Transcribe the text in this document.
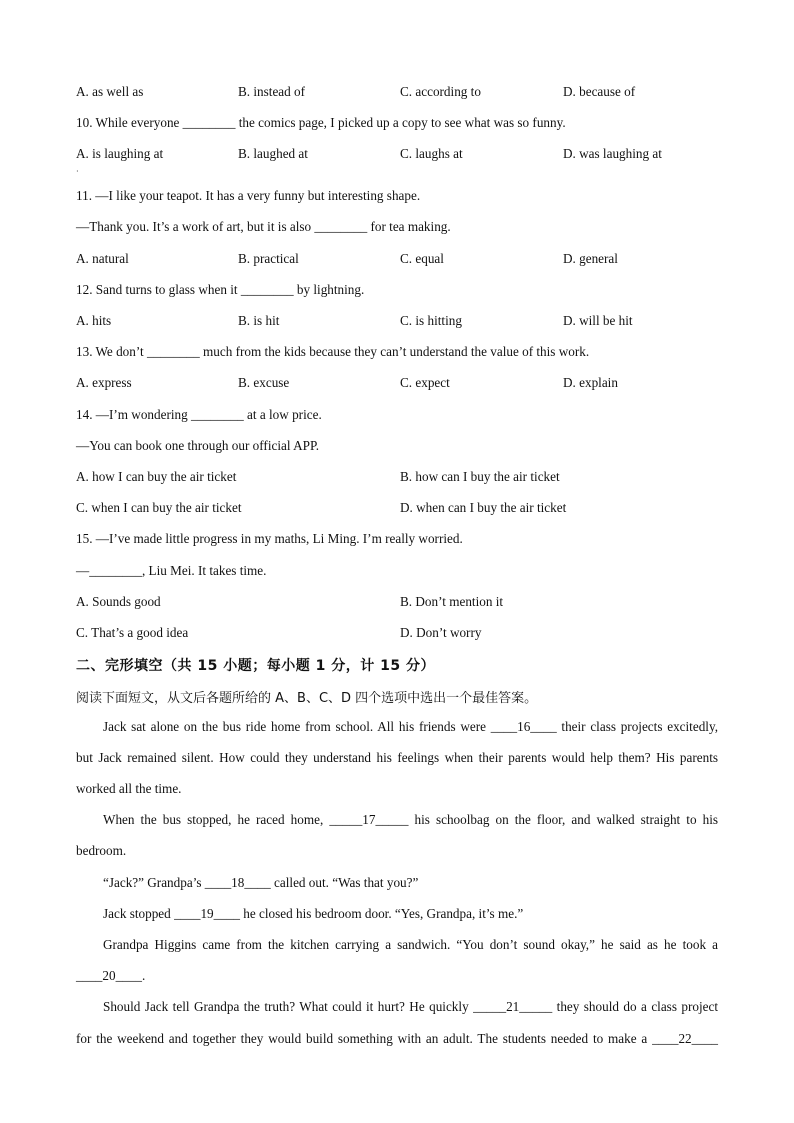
A. as well as	B. instead of	C. according to	D. because of
10. While everyone ________ the comics page, I picked up a copy to see what was so funny.
A. is laughing at	B. laughed at	C. laughs at	D. was laughing at
·
11. —I like your teapot. It has a very funny but interesting shape.
—Thank you. It’s a work of art, but it is also ________ for tea making.
A. natural	B. practical	C. equal	D. general
12. Sand turns to glass when it ________ by lightning.
A. hits	B. is hit	C. is hitting	D. will be hit
13. We don’t ________ much from the kids because they can’t understand the value of this work.
A. express	B. excuse	C. expect	D. explain
14. —I’m wondering ________ at a low price.
—You can book one through our official APP.
A. how I can buy the air ticket	B. how can I buy the air ticket
C. when I can buy the air ticket	D. when can I buy the air ticket
15. —I’ve made little progress in my maths, Li Ming. I’m really worried.
—________, Liu Mei. It takes time.
A. Sounds good	B. Don’t mention it
C. That’s a good idea	D. Don’t worry
二、完形填空（共 15 小题；每小题 1 分，计 15 分）
阅读下面短文，从文后各题所给的 A、B、C、D 四个选项中选出一个最佳答案。
Jack sat alone on the bus ride home from school. All his friends were ____16____ their class projects excitedly,
but Jack remained silent. How could they understand his feelings when their parents would help them? His parents
worked all the time.
When the bus stopped, he raced home, _____17_____ his schoolbag on the floor, and walked straight to his
bedroom.
“Jack?” Grandpa’s ____18____ called out. “Was that you?”
Jack stopped ____19____ he closed his bedroom door. “Yes, Grandpa, it’s me.”
Grandpa Higgins came from the kitchen carrying a sandwich. “You don’t sound okay,” he said as he took a
____20____.
Should Jack tell Grandpa the truth? What could it hurt? He quickly _____21_____ they should do a class project
for the weekend and together they would build something with an adult. The students needed to make a ____22____
